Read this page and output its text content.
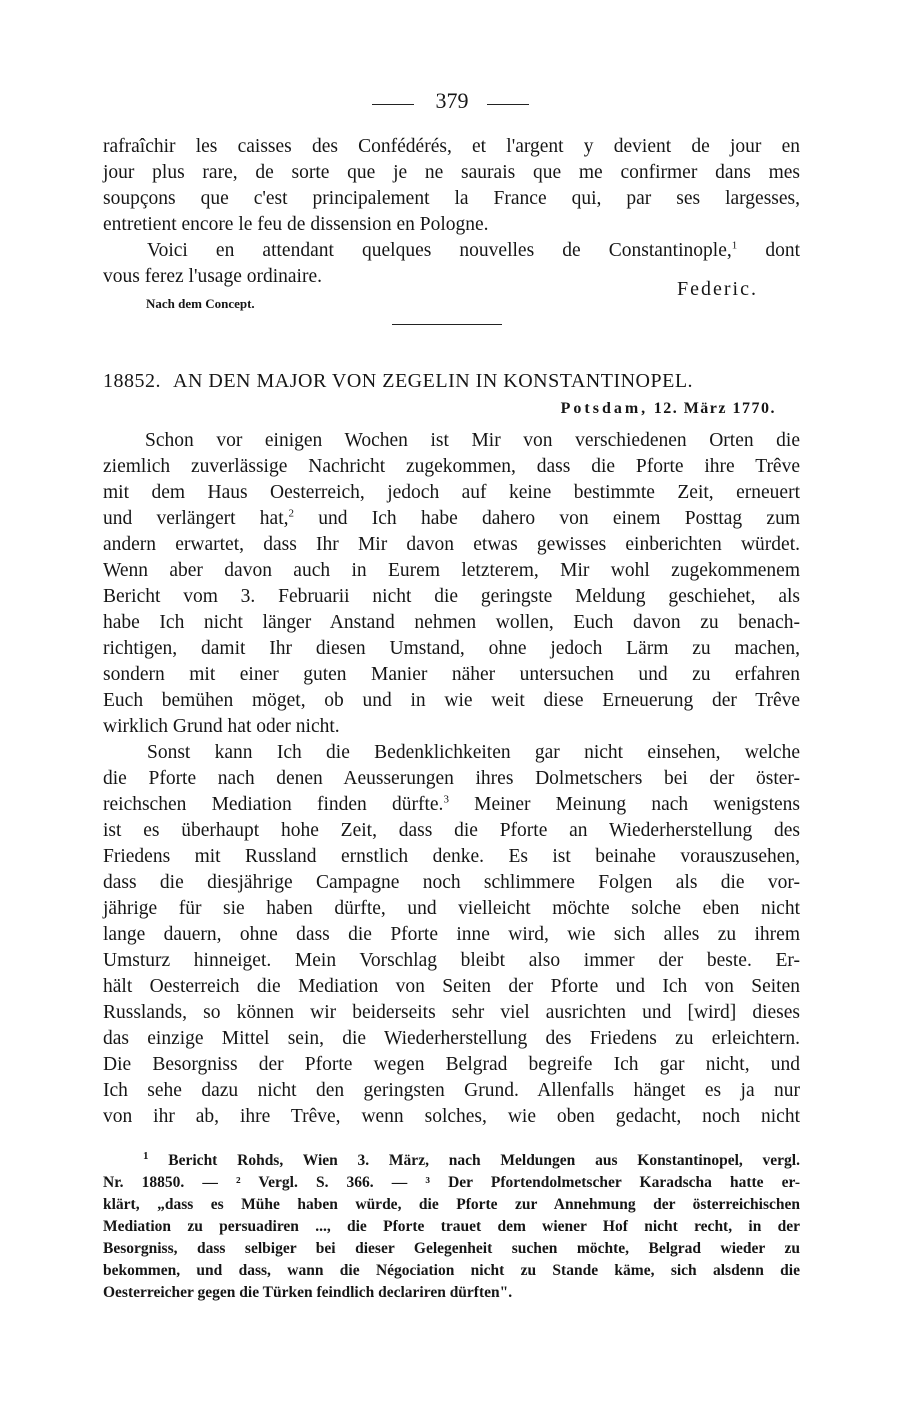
379
rafraîchir les caisses des Confédérés, et l'argent y devient de jour en
jour plus rare, de sorte que je ne saurais que me confirmer dans mes
soupçons que c'est principalement la France qui, par ses largesses,
entretient encore le feu de dissension en Pologne.
Voici en attendant quelques nouvelles de Constantinople,$^1$ dont
vous ferez l'usage ordinaire.
Federic.
Nach dem Concept.
18852. AN DEN MAJOR VON ZEGELIN IN KONSTANTINOPEL.
Potsdam, 12. März 1770.
Schon vor einigen Wochen ist Mir von verschiedenen Orten die
ziemlich zuverlässige Nachricht zugekommen, dass die Pforte ihre Trêve
mit dem Haus Oesterreich, jedoch auf keine bestimmte Zeit, erneuert
und verlängert hat,$^2$ und Ich habe dahero von einem Posttag zum
andern erwartet, dass Ihr Mir davon etwas gewisses einberichten würdet.
Wenn aber davon auch in Eurem letzterem, Mir wohl zugekommenem
Bericht vom 3. Februarii nicht die geringste Meldung geschiehet, als
habe Ich nicht länger Anstand nehmen wollen, Euch davon zu benach-
richtigen, damit Ihr diesen Umstand, ohne jedoch Lärm zu machen,
sondern mit einer guten Manier näher untersuchen und zu erfahren
Euch bemühen möget, ob und in wie weit diese Erneuerung der Trêve
wirklich Grund hat oder nicht.
Sonst kann Ich die Bedenklichkeiten gar nicht einsehen, welche
die Pforte nach denen Aeusserungen ihres Dolmetschers bei der öster-
reichschen Mediation finden dürfte.$^3$ Meiner Meinung nach wenigstens
ist es überhaupt hohe Zeit, dass die Pforte an Wiederherstellung des
Friedens mit Russland ernstlich denke. Es ist beinahe vorauszusehen,
dass die diesjährige Campagne noch schlimmere Folgen als die vor-
jährige für sie haben dürfte, und vielleicht möchte solche eben nicht
lange dauern, ohne dass die Pforte inne wird, wie sich alles zu ihrem
Umsturz hinneiget. Mein Vorschlag bleibt also immer der beste. Er-
hält Oesterreich die Mediation von Seiten der Pforte und Ich von Seiten
Russlands, so können wir beiderseits sehr viel ausrichten und [wird] dieses
das einzige Mittel sein, die Wiederherstellung des Friedens zu erleichtern.
Die Besorgniss der Pforte wegen Belgrad begreife Ich gar nicht, und
Ich sehe dazu nicht den geringsten Grund. Allenfalls hänget es ja nur
von ihr ab, ihre Trêve, wenn solches, wie oben gedacht, noch nicht
$^1$ Bericht Rohds, Wien 3. März, nach Meldungen aus Konstantinopel, vergl.
Nr. 18850. — ² Vergl. S. 366. — ³ Der Pfortendolmetscher Karadscha hatte er-
klärt, „dass es Mühe haben würde, die Pforte zur Annehmung der österreichischen
Mediation zu persuadiren ..., die Pforte trauet dem wiener Hof nicht recht, in der
Besorgniss, dass selbiger bei dieser Gelegenheit suchen möchte, Belgrad wieder zu
bekommen, und dass, wann die Négociation nicht zu Stande käme, sich alsdenn die
Oesterreicher gegen die Türken feindlich declariren dürften".
